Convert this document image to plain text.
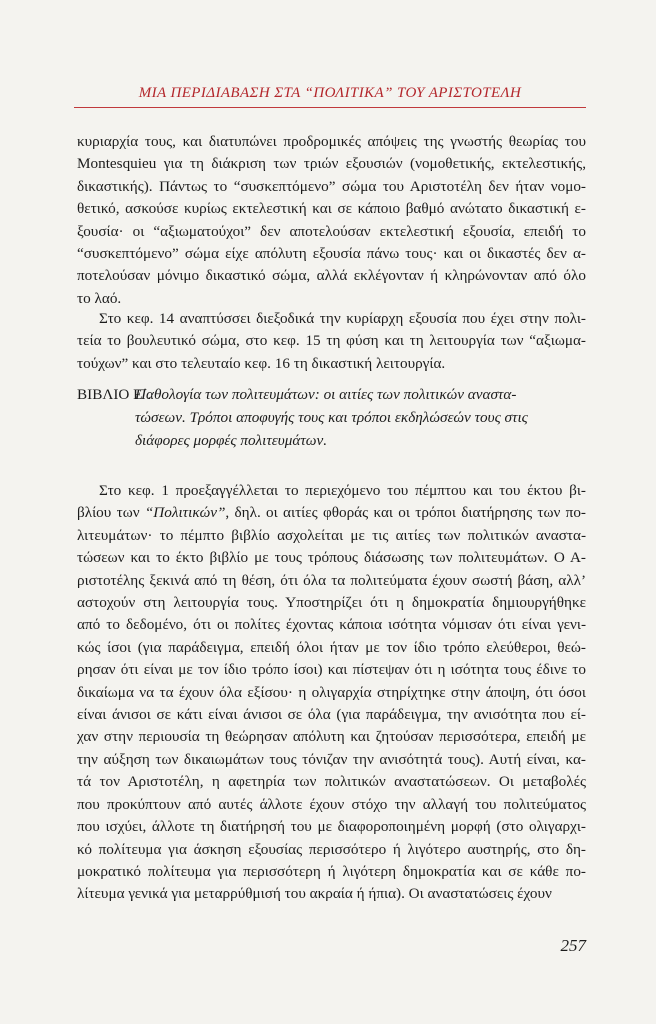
ΜΙΑ ΠΕΡΙΔΙΑΒΑΣΗ ΣΤΑ “ΠΟΛΙΤΙΚΑ” ΤΟΥ ΑΡΙΣΤΟΤΕΛΗ
κυριαρχία τους, και διατυπώνει προδρομικές απόψεις της γνωστής θεωρίας του
Montesquieu για τη διάκριση των τριών εξουσιών (νομοθετικής, εκτελεστικής,
δικαστικής). Πάντως το “συσκεπτόμενο” σώμα του Αριστοτέλη δεν ήταν νομο-
θετικό, ασκούσε κυρίως εκτελεστική και σε κάποιο βαθμό ανώτατο δικαστική ε-
ξουσία· οι “αξιωματούχοι” δεν αποτελούσαν εκτελεστική εξουσία, επειδή το
“συσκεπτόμενο” σώμα είχε απόλυτη εξουσία πάνω τους· και οι δικαστές δεν α-
ποτελούσαν μόνιμο δικαστικό σώμα, αλλά εκλέγονταν ή κληρώνονταν από όλο
το λαό.
Στο κεφ. 14 αναπτύσσει διεξοδικά την κυρίαρχη εξουσία που έχει στην πολι-
τεία το βουλευτικό σώμα, στο κεφ. 15 τη φύση και τη λειτουργία των “αξιωμα-
τούχων” και στο τελευταίο κεφ. 16 τη δικαστική λειτουργία.
ΒΙΒΛΙΟ Ε΄.
Παθολογία των πολιτευμάτων: οι αιτίες των πολιτικών αναστα-
τώσεων. Τρόποι αποφυγής τους και τρόποι εκδηλώσεών τους στις
διάφορες μορφές πολιτευμάτων.
Στο κεφ. 1 προεξαγγέλλεται το περιεχόμενο του πέμπτου και του έκτου βι-
βλίου των “Πολιτικών”, δηλ. οι αιτίες φθοράς και οι τρόποι διατήρησης των πο-
λιτευμάτων· το πέμπτο βιβλίο ασχολείται με τις αιτίες των πολιτικών αναστα-
τώσεων και το έκτο βιβλίο με τους τρόπους διάσωσης των πολιτευμάτων. Ο Α-
ριστοτέλης ξεκινά από τη θέση, ότι όλα τα πολιτεύματα έχουν σωστή βάση, αλλ’
αστοχούν στη λειτουργία τους. Υποστηρίζει ότι η δημοκρατία δημιουργήθηκε
από το δεδομένο, ότι οι πολίτες έχοντας κάποια ισότητα νόμισαν ότι είναι γενι-
κώς ίσοι (για παράδειγμα, επειδή όλοι ήταν με τον ίδιο τρόπο ελεύθεροι, θεώ-
ρησαν ότι είναι με τον ίδιο τρόπο ίσοι) και πίστεψαν ότι η ισότητα τους έδινε το
δικαίωμα να τα έχουν όλα εξίσου· η ολιγαρχία στηρίχτηκε στην άποψη, ότι όσοι
είναι άνισοι σε κάτι είναι άνισοι σε όλα (για παράδειγμα, την ανισότητα που εί-
χαν στην περιουσία τη θεώρησαν απόλυτη και ζητούσαν περισσότερα, επειδή με
την αύξηση των δικαιωμάτων τους τόνιζαν την ανισότητά τους). Αυτή είναι, κα-
τά τον Αριστοτέλη, η αφετηρία των πολιτικών αναστατώσεων. Οι μεταβολές
που προκύπτουν από αυτές άλλοτε έχουν στόχο την αλλαγή του πολιτεύματος
που ισχύει, άλλοτε τη διατήρησή του με διαφοροποιημένη μορφή (στο ολιγαρχι-
κό πολίτευμα για άσκηση εξουσίας περισσότερο ή λιγότερο αυστηρής, στο δη-
μοκρατικό πολίτευμα για περισσότερη ή λιγότερη δημοκρατία και σε κάθε πο-
λίτευμα γενικά για μεταρρύθμισή του ακραία ή ήπια). Οι αναστατώσεις έχουν
257
